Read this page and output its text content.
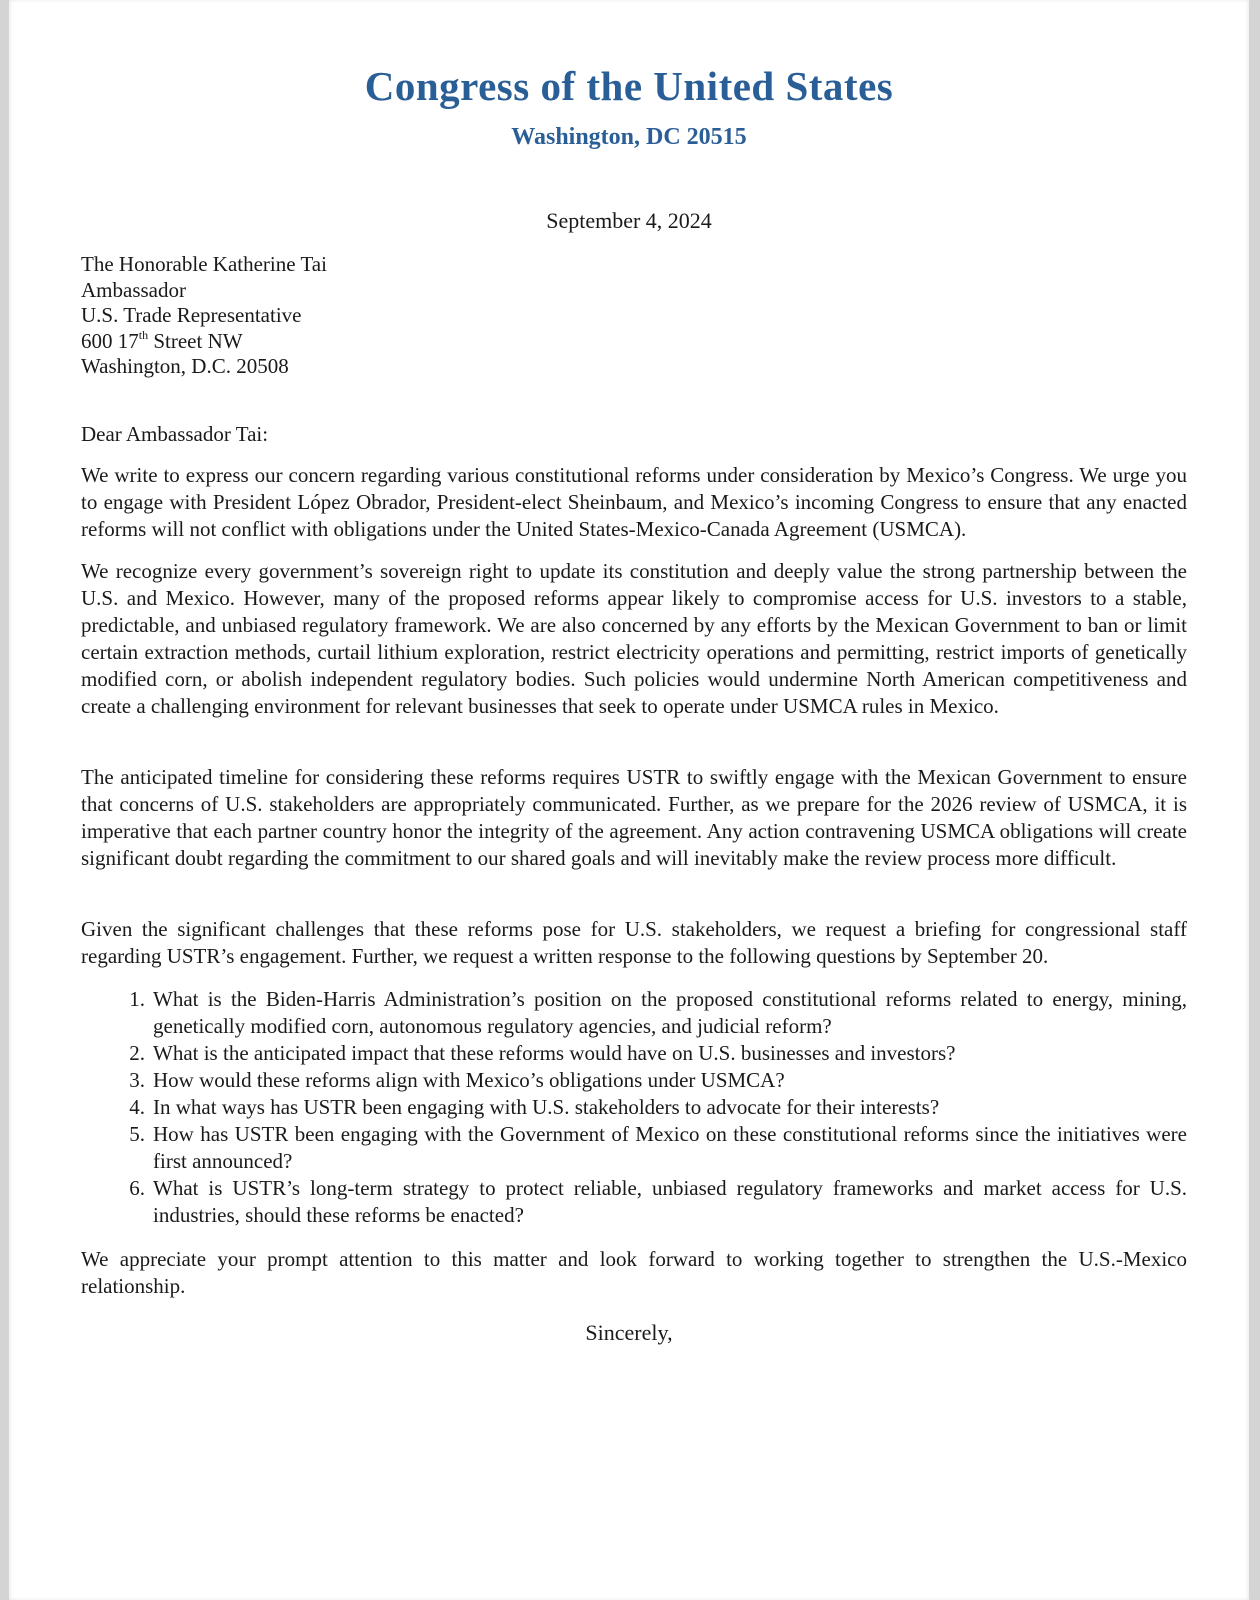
Congress of the United States
Washington, DC 20515
September 4, 2024
The Honorable Katherine Tai
Ambassador
U.S. Trade Representative
600 17th Street NW
Washington, D.C. 20508
Dear Ambassador Tai:
We write to express our concern regarding various constitutional reforms under consideration by Mexico’s Congress. We urge you to engage with President López Obrador, President-elect Sheinbaum, and Mexico’s incoming Congress to ensure that any enacted reforms will not conflict with obligations under the United States-Mexico-Canada Agreement (USMCA).
We recognize every government’s sovereign right to update its constitution and deeply value the strong partnership between the U.S. and Mexico. However, many of the proposed reforms appear likely to compromise access for U.S. investors to a stable, predictable, and unbiased regulatory framework. We are also concerned by any efforts by the Mexican Government to ban or limit certain extraction methods, curtail lithium exploration, restrict electricity operations and permitting, restrict imports of genetically modified corn, or abolish independent regulatory bodies. Such policies would undermine North American competitiveness and create a challenging environment for relevant businesses that seek to operate under USMCA rules in Mexico.
The anticipated timeline for considering these reforms requires USTR to swiftly engage with the Mexican Government to ensure that concerns of U.S. stakeholders are appropriately communicated. Further, as we prepare for the 2026 review of USMCA, it is imperative that each partner country honor the integrity of the agreement. Any action contravening USMCA obligations will create significant doubt regarding the commitment to our shared goals and will inevitably make the review process more difficult.
Given the significant challenges that these reforms pose for U.S. stakeholders, we request a briefing for congressional staff regarding USTR’s engagement. Further, we request a written response to the following questions by September 20.
1. What is the Biden-Harris Administration’s position on the proposed constitutional reforms related to energy, mining, genetically modified corn, autonomous regulatory agencies, and judicial reform?
2. What is the anticipated impact that these reforms would have on U.S. businesses and investors?
3. How would these reforms align with Mexico’s obligations under USMCA?
4. In what ways has USTR been engaging with U.S. stakeholders to advocate for their interests?
5. How has USTR been engaging with the Government of Mexico on these constitutional reforms since the initiatives were first announced?
6. What is USTR’s long-term strategy to protect reliable, unbiased regulatory frameworks and market access for U.S. industries, should these reforms be enacted?
We appreciate your prompt attention to this matter and look forward to working together to strengthen the U.S.-Mexico relationship.
Sincerely,
